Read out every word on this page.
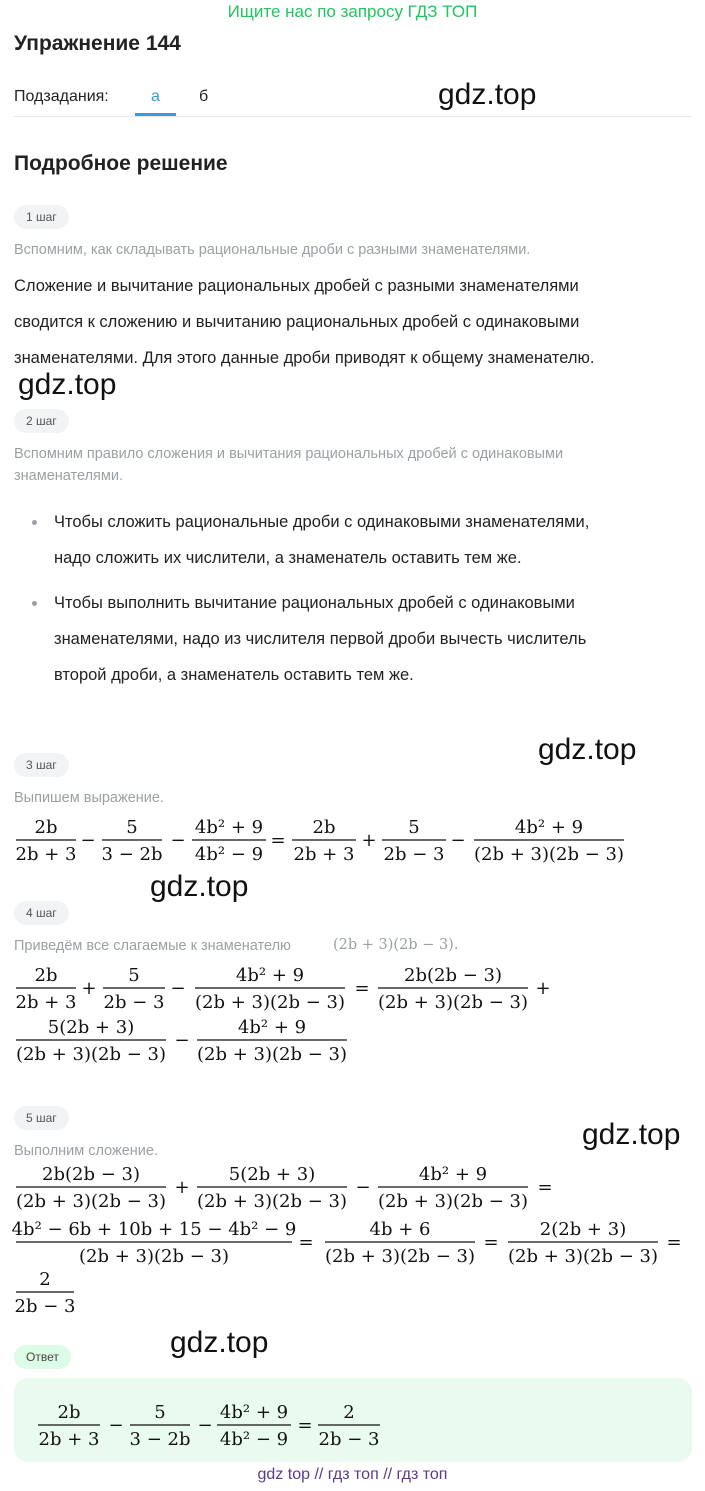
Ищите нас по запросу ГДЗ ТОП
Упражнение 144
Подзадания:	а	б	gdz.top
gdz.top
gdz.top
gdz.top
gdz.top
gdz.top
Подробное решение
1 шаг
Вспомним, как складывать рациональные дроби с разными знаменателями.
Сложение и вычитание рациональных дробей с разными знаменателями
сводится к сложению и вычитанию рациональных дробей с одинаковыми
знаменателями. Для этого данные дроби приводят к общему знаменателю.
2 шаг
Вспомним правило сложения и вычитания рациональных дробей с одинаковыми
знаменателями.
Чтобы сложить рациональные дроби с одинаковыми знаменателями,
надо сложить их числители, а знаменатель оставить тем же.
Чтобы выполнить вычитание рациональных дробей с одинаковыми
знаменателями, надо из числителя первой дроби вычесть числитель
второй дроби, а знаменатель оставить тем же.
3 шаг
Выпишем выражение.
4 шаг
Приведём все слагаемые к знаменателю	(2b + 3)(2b − 3).
5 шаг
Выполним сложение.
Ответ
2b
2b + 3
−
5
3 − 2b
−
4b² + 9
4b² − 9
=
2b
2b + 3
+
5
2b − 3
−
4b² + 9
(2b + 3)(2b − 3)
2b
2b + 3
+
5
2b − 3
−
4b² + 9
(2b + 3)(2b − 3)
=
2b(2b − 3)
(2b + 3)(2b − 3)
+
5(2b + 3)
(2b + 3)(2b − 3)
−
4b² + 9
(2b + 3)(2b − 3)
2b(2b − 3)
(2b + 3)(2b − 3)
+
5(2b + 3)
(2b + 3)(2b − 3)
−
4b² + 9
(2b + 3)(2b − 3)
=
4b² − 6b + 10b + 15 − 4b² − 9
(2b + 3)(2b − 3)
=
4b + 6
(2b + 3)(2b − 3)
=
2(2b + 3)
(2b + 3)(2b − 3)
=
2
2b − 3
2b
2b + 3
−
5
3 − 2b
−
4b² + 9
4b² − 9
=
2
2b − 3
gdz top // гдз топ // гдз топ
